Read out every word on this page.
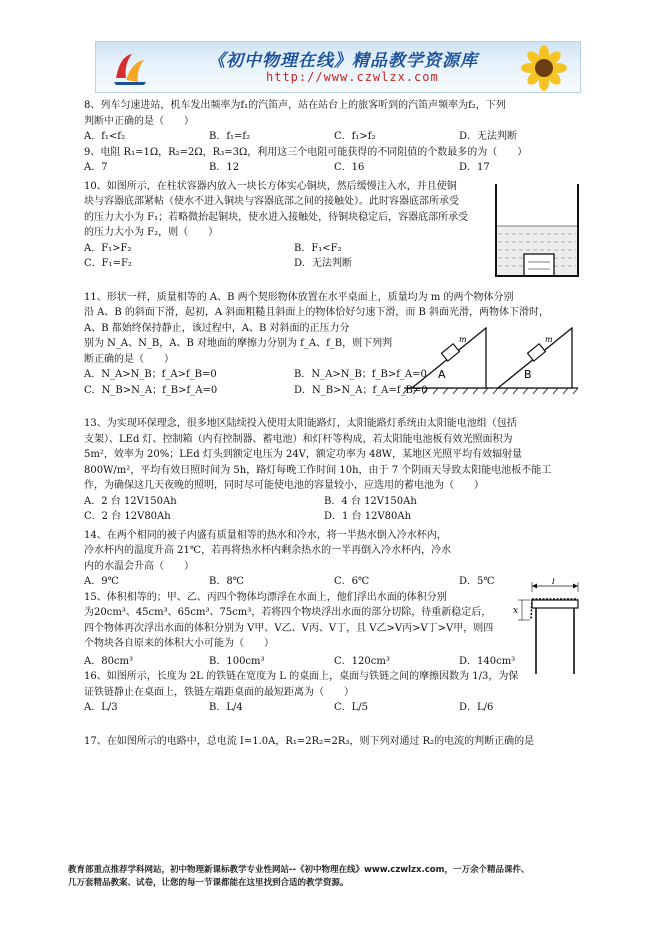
《初中物理在线》精品教学资源库
http://www.czwlzx.com
A	B
m	m
l
x

8、列车匀速进站，机车发出频率为f₁的汽笛声，站在站台上的旅客听到的汽笛声频率为f₂，下列

判断中正确的是（　　）

A．f₁<f₂	B．f₁=f₂	C．f₁>f₂	D．无法判断

9、电阻 R₁=1Ω，R₂=2Ω，R₃=3Ω，利用这三个电阻可能获得的不同阻值的个数最多的为（　　）

A．7	B．12	C．16	D．17

10、如图所示，在柱状容器内放入一块长方体实心铜块，然后缓慢注入水，并且使铜

块与容器底部紧帖（使水不进入铜块与容器底部之间的接触处）。此时容器底部所承受

的压力大小为 F₁；若略微抬起铜块，使水进入接触处，待铜块稳定后，容器底部所承受

的压力大小为 F₂，则（　　）

A．F₁>F₂	B．F₁<F₂
C．F₁=F₂	D．无法判断

11、形状一样，质量相等的 A、B 两个契形物体放置在水平桌面上，质量均为 m 的两个物体分别

沿 A、B 的斜面下滑，起初，A 斜面粗糙且斜面上的物体恰好匀速下滑，而 B 斜面光滑，两物体下滑时，

A、B 都始终保持静止，该过程中，A、B 对斜面的正压力分

别为 N_A、N_B，A、B 对地面的摩擦力分别为 f_A、f_B，则下列判

断正确的是（　　）

A．N_A>N_B；f_A>f_B=0	B．N_A>N_B；f_B>f_A=0
C．N_B>N_A；f_B>f_A=0	D．N_B>N_A；f_A=f_B=0

13、为实现环保理念，很多地区陆续投入使用太阳能路灯，太阳能路灯系统由太阳能电池组（包括

支架）、LEd 灯、控制箱（内有控制器、蓄电池）和灯杆等构成，若太阳能电池板有效光照面积为

5m²，效率为 20%；LEd 灯头到额定电压为 24V，额定功率为 48W，某地区光照平均有效辐射量

800W/m²，平均有效日照时间为 5h，路灯每晚工作时间 10h，由于 7 个阴雨天导致太阳能电池板不能工

作，为确保这几天夜晚的照明，同时尽可能使电池的容量较小，应选用的蓄电池为（　　）

A．2 台 12V150Ah	B．4 台 12V150Ah
C．2 台 12V80Ah	D．1 台 12V80Ah

14、在两个相同的被子内盛有质量相等的热水和冷水，将一半热水倒入冷水杯内，

冷水杯内的温度升高 21℃，若再将热水杯内剩余热水的一半再倒入冷水杯内，冷水

内的水温会升高（　　）

A．9℃	B．8℃	C．6℃	D．5℃

15、体积相等的；甲、乙、丙四个物体均漂浮在水面上，他们浮出水面的体积分别

为20cm³、45cm³、65cm³、75cm³，若将四个物块浮出水面的部分切除，待重新稳定后，

四个物体再次浮出水面的体积分别为 V甲、V乙、V丙、V丁，且 V乙>V丙>V丁>V甲，则四

个物块各自原来的体积大小可能为（　　）

A．80cm³	B．100cm³	C．120cm³	D．140cm³

16、如图所示，长度为 2L 的铁链在宽度为 L 的桌面上，桌面与铁链之间的摩擦因数为 1/3，为保

证铁链静止在桌面上，铁链左端距桌面的最短距离为（　　）

A．L/3	B．L/4	C．L/5	D．L/6

17、在如图所示的电路中，总电流 I=1.0A，R₁=2R₂=2R₃，则下列对通过 R₂的电流的判断正确的是

教育部重点推荐学科网站，初中物理新课标教学专业性网站--《初中物理在线》www.czwlzx.com，一万余个精品课件、
几万套精品教案、试卷，让您的每一节课都能在这里找到合适的教学资源。
